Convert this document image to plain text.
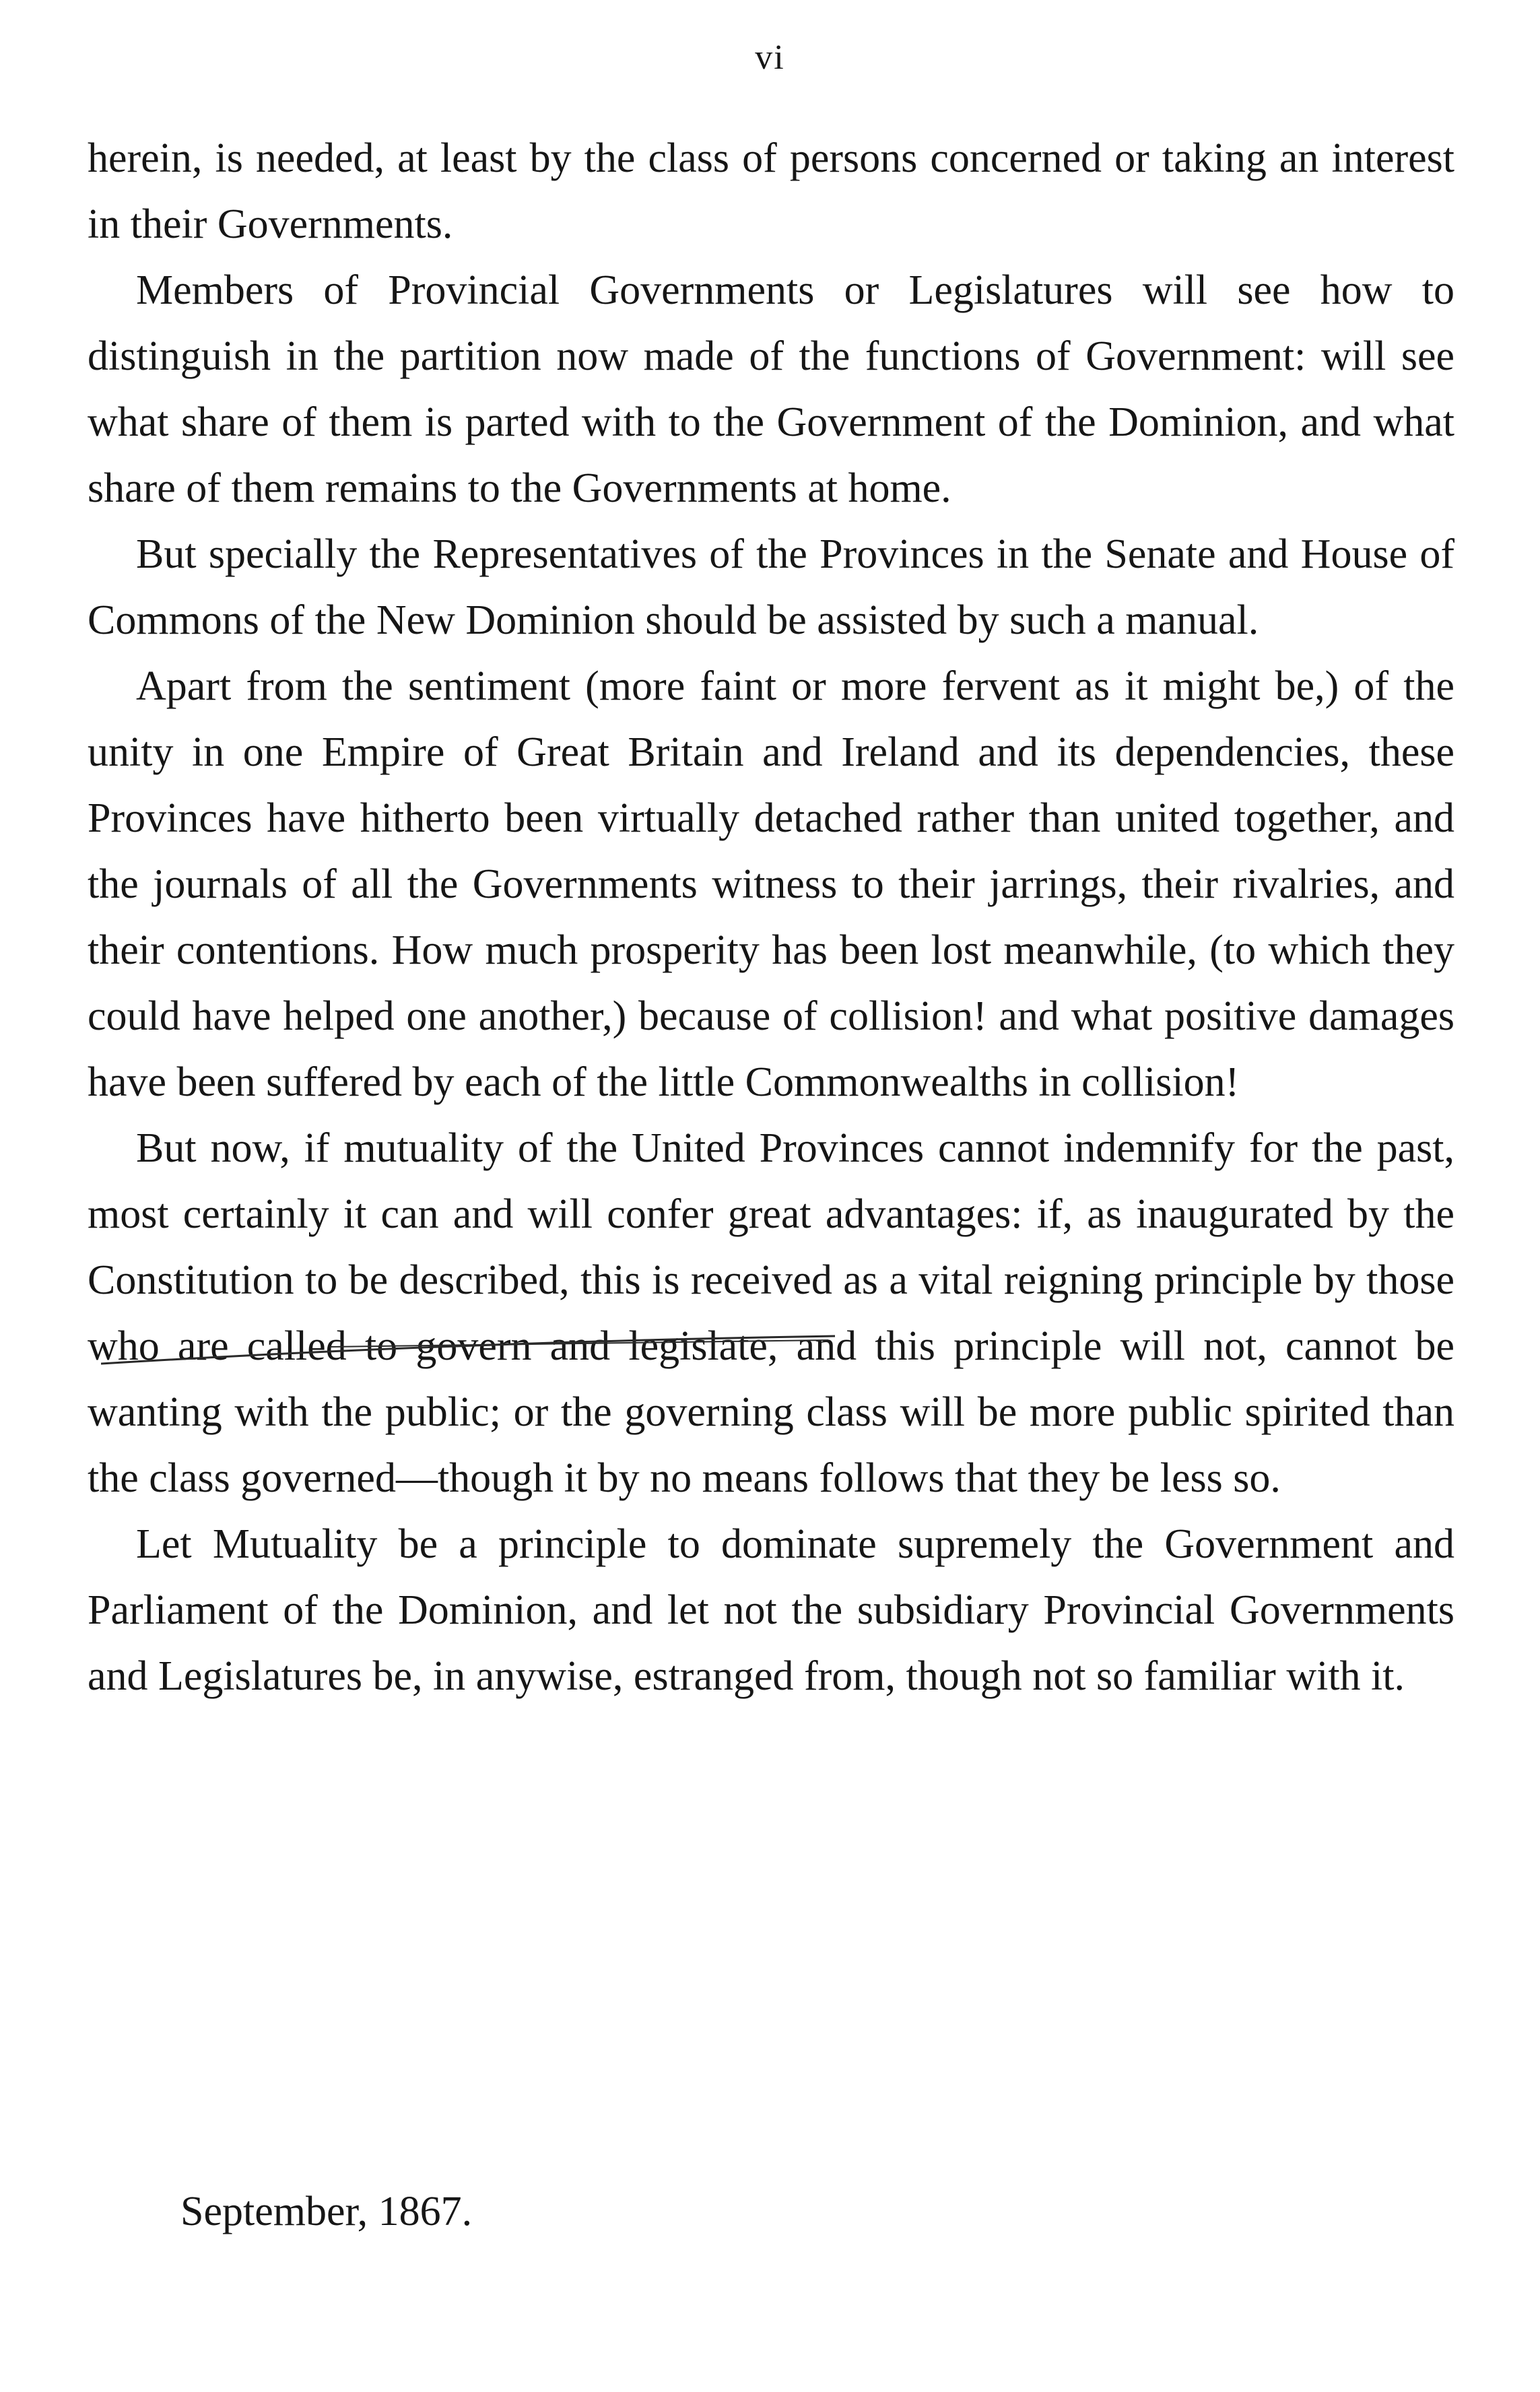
vi

herein, is needed, at least by the class of persons concerned or taking an interest in their Governments.

Members of Provincial Governments or Legislatures will see how to distinguish in the partition now made of the functions of Government: will see what share of them is parted with to the Government of the Dominion, and what share of them remains to the Governments at home.

But specially the Representatives of the Provinces in the Senate and House of Commons of the New Dominion should be assisted by such a manual.

Apart from the sentiment (more faint or more fervent as it might be,) of the unity in one Empire of Great Britain and Ireland and its dependencies, these Provinces have hitherto been virtually detached rather than united together, and the journals of all the Governments witness to their jarrings, their rivalries, and their contentions. How much prosperity has been lost meanwhile, (to which they could have helped one another,) because of collision! and what positive damages have been suffered by each of the little Commonwealths in collision!

But now, if mutuality of the United Provinces cannot indemnify for the past, most certainly it can and will confer great advantages: if, as inaugurated by the Constitution to be described, this is received as a vital reigning principle by those who are called to govern and legislate, and this principle will not, cannot be wanting with the public; or the governing class will be more public spirited than the class governed—though it by no means follows that they be less so.

Let Mutuality be a principle to dominate supremely the Government and Parliament of the Dominion, and let not the subsidiary Provincial Governments and Legislatures be, in anywise, estranged from, though not so familiar with it.

September, 1867.
